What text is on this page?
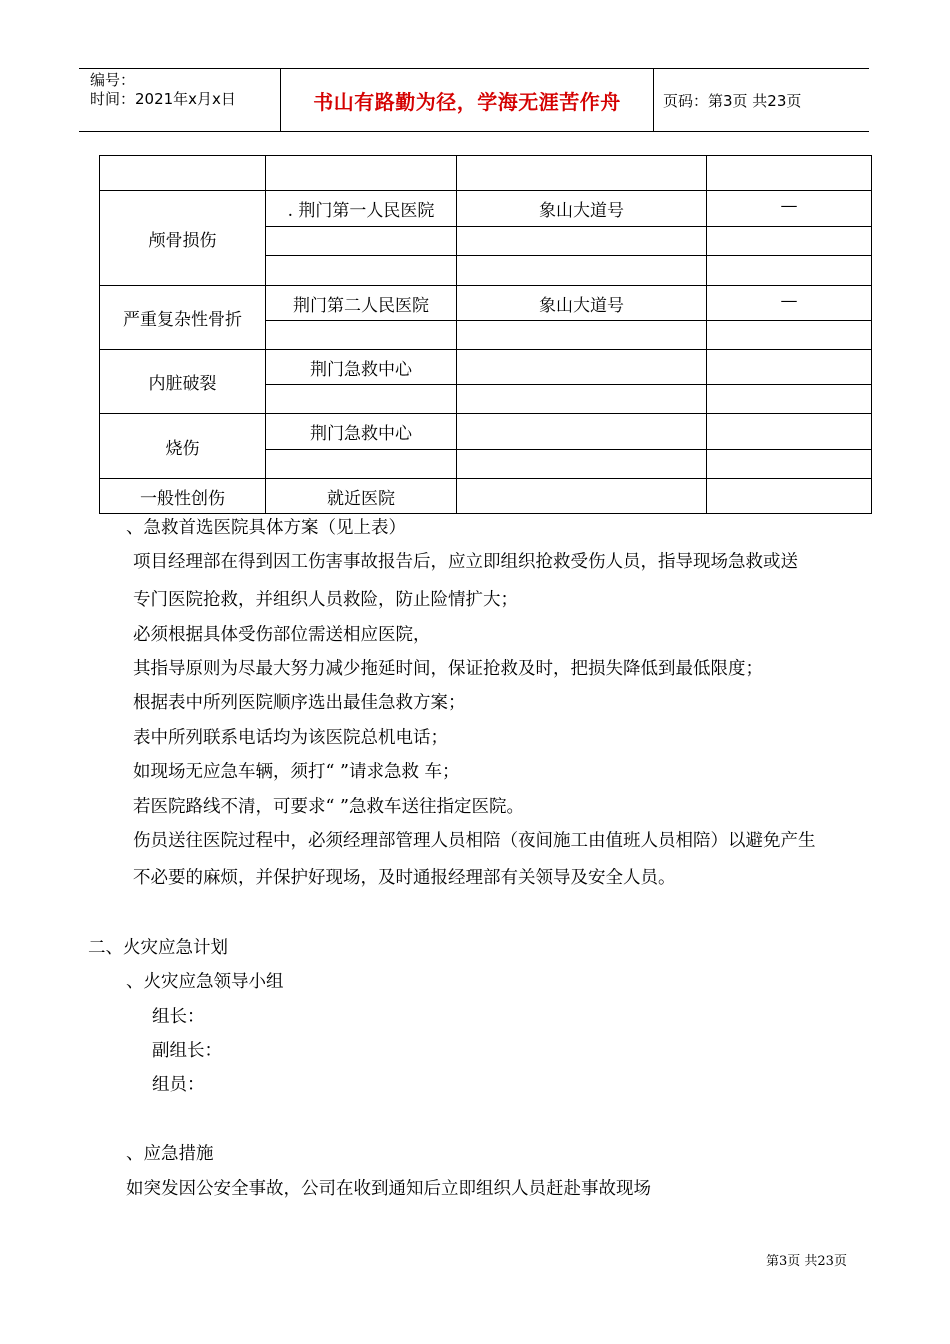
编号：
时间：2021年x月x日	书山有路勤为径，学海无涯苦作舟	页码：第3页 共23页

颅骨损伤	. 荆门第一人民医院	象山大道号	—

严重复杂性骨折	荆门第二人民医院	象山大道号	—

内脏破裂	荆门急救中心		

烧伤	荆门急救中心		

一般性创伤	就近医院		
、急救首选医院具体方案（见上表）
项目经理部在得到因工伤害事故报告后，应立即组织抢救受伤人员，指导现场急救或送
专门医院抢救，并组织人员救险，防止险情扩大；
必须根据具体受伤部位需送相应医院，
其指导原则为尽最大努力减少拖延时间，保证抢救及时，把损失降低到最低限度；
根据表中所列医院顺序选出最佳急救方案；
表中所列联系电话均为该医院总机电话；
如现场无应急车辆，须打“ ”请求急救 车；
若医院路线不清，可要求“ ”急救车送往指定医院。
伤员送往医院过程中，必须经理部管理人员相陪（夜间施工由值班人员相陪）以避免产生
不必要的麻烦，并保护好现场，及时通报经理部有关领导及安全人员。
二、火灾应急计划
、火灾应急领导小组
组长：
副组长：
组员：
、应急措施
如突发因公安全事故，公司在收到通知后立即组织人员赶赴事故现场
第3页 共23页
